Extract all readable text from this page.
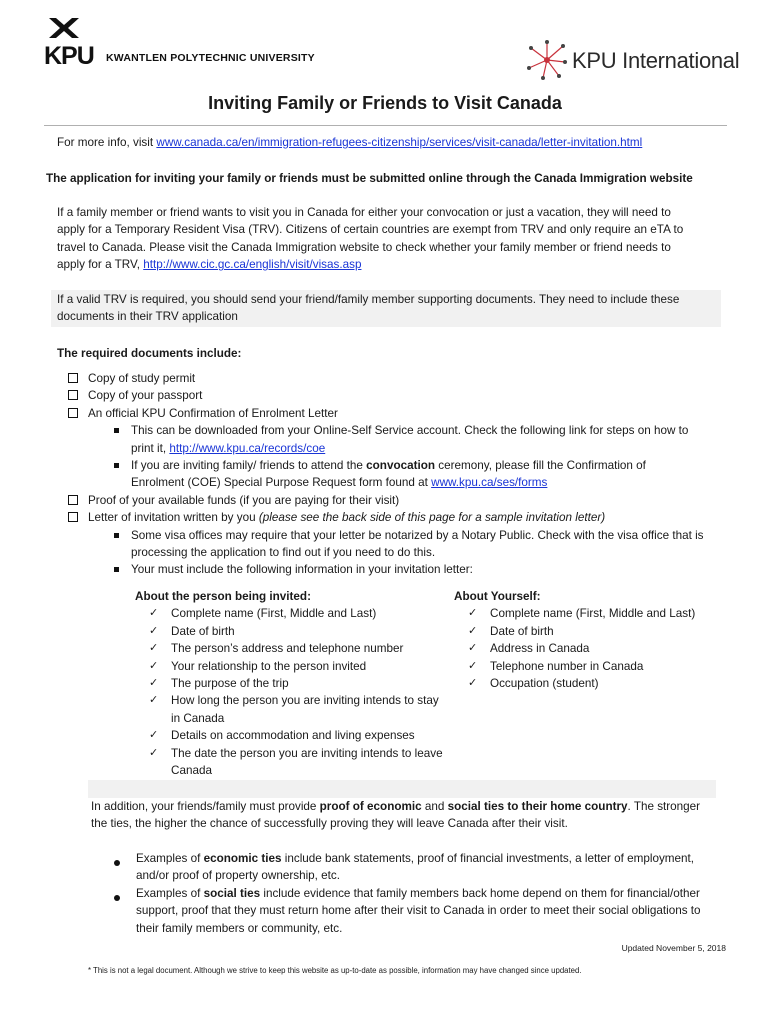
KPU KWANTLEN POLYTECHNIC UNIVERSITY	KPU International
Inviting Family or Friends to Visit Canada
For more info, visit www.canada.ca/en/immigration-refugees-citizenship/services/visit-canada/letter-invitation.html
The application for inviting your family or friends must be submitted online through the Canada Immigration website
If a family member or friend wants to visit you in Canada for either your convocation or just a vacation, they will need to apply for a Temporary Resident Visa (TRV). Citizens of certain countries are exempt from TRV and only require an eTA to travel to Canada. Please visit the Canada Immigration website to check whether your family member or friend needs to apply for a TRV, http://www.cic.gc.ca/english/visit/visas.asp
If a valid TRV is required, you should send your friend/family member supporting documents. They need to include these documents in their TRV application
The required documents include:
Copy of study permit
Copy of your passport
An official KPU Confirmation of Enrolment Letter
This can be downloaded from your Online-Self Service account. Check the following link for steps on how to print it, http://www.kpu.ca/records/coe
If you are inviting family/ friends to attend the convocation ceremony, please fill the Confirmation of Enrolment (COE) Special Purpose Request form found at www.kpu.ca/ses/forms
Proof of your available funds (if you are paying for their visit)
Letter of invitation written by you (please see the back side of this page for a sample invitation letter)
Some visa offices may require that your letter be notarized by a Notary Public. Check with the visa office that is processing the application to find out if you need to do this.
Your must include the following information in your invitation letter:
About the person being invited:
✓	Complete name (First, Middle and Last)
✓	Date of birth
✓	The person’s address and telephone number
✓	Your relationship to the person invited
✓	The purpose of the trip
✓	How long the person you are inviting intends to stay in Canada
✓	Details on accommodation and living expenses
✓	The date the person you are inviting intends to leave Canada
About Yourself:
✓	Complete name (First, Middle and Last)
✓	Date of birth
✓	Address in Canada
✓	Telephone number in Canada
✓	Occupation (student)
In addition, your friends/family must provide proof of economic and social ties to their home country. The stronger the ties, the higher the chance of successfully proving they will leave Canada after their visit.
Examples of economic ties include bank statements, proof of financial investments, a letter of employment, and/or proof of property ownership, etc.
Examples of social ties include evidence that family members back home depend on them for financial/other support, proof that they must return home after their visit to Canada in order to meet their social obligations to their family members or community, etc.
Updated November 5, 2018
* This is not a legal document. Although we strive to keep this website as up-to-date as possible, information may have changed since updated.
